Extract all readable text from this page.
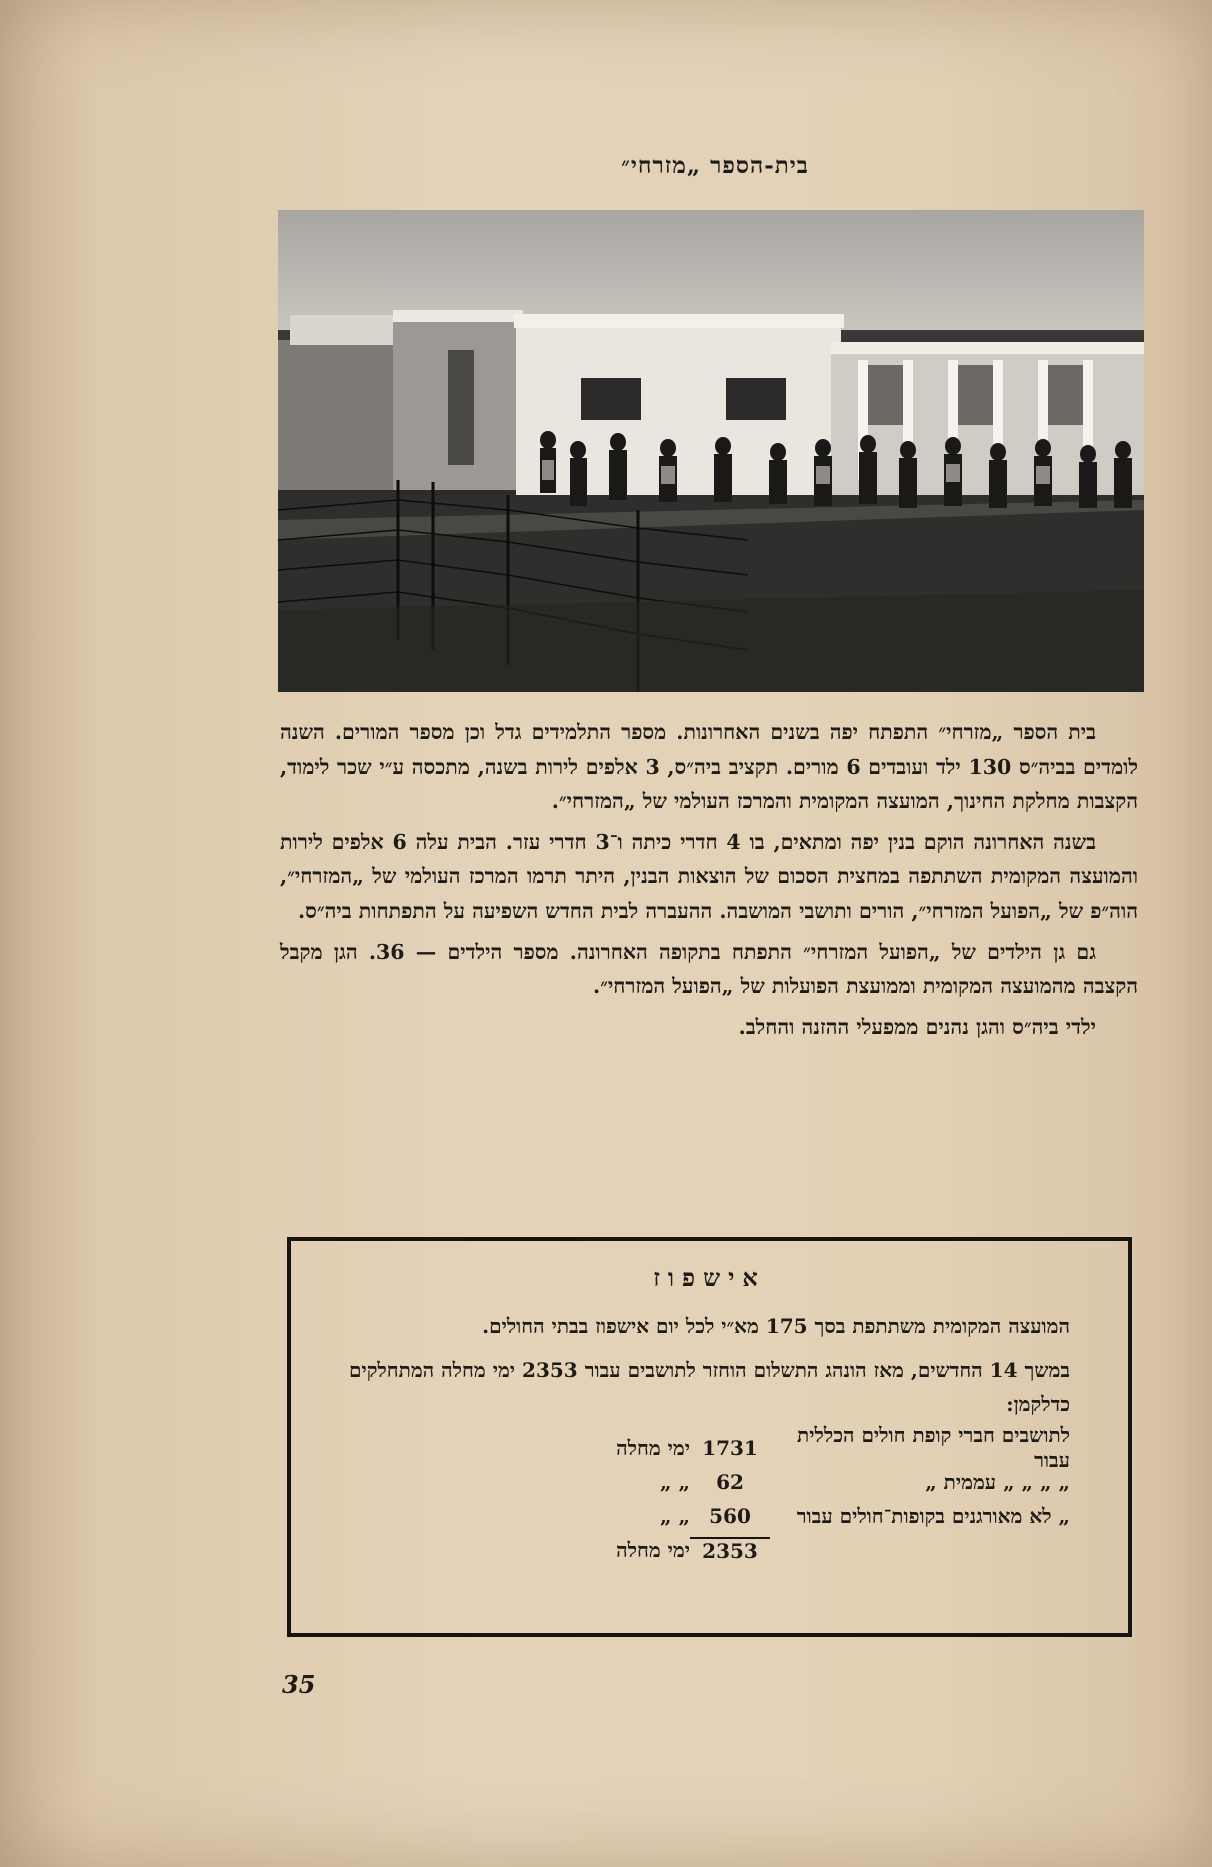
בית-הספר „מזרחי״

בית הספר „מזרחי״ התפתח יפה בשנים האחרונות. מספר התלמידים גדל וכן מספר המורים. השנה לומדים בביה״ס 130 ילד ועובדים 6 מורים. תקציב ביה״ס, 3 אלפים לירות בשנה, מתכסה ע״י שכר לימוד, הקצבות מחלקת החינוך, המועצה המקומית והמרכז העולמי של „המזרחי״.

בשנה האחרונה הוקם בנין יפה ומתאים, בו 4 חדרי כיתה ו־3 חדרי עזר. הבית עלה 6 אלפים לירות והמועצה המקומית השתתפה במחצית הסכום של הוצאות הבנין, היתר תרמו המרכז העולמי של „המזרחי״, הוה״פ של „הפועל המזרחי״, הורים ותושבי המושבה. ההעברה לבית החדש השפיעה על התפתחות ביה״ס.

גם גן הילדים של „הפועל המזרחי״ התפתח בתקופה האחרונה. מספר הילדים — 36. הגן מקבל הקצבה מהמועצה המקומית וממועצת הפועלות של „הפועל המזרחי״.

ילדי ביה״ס והגן נהנים ממפעלי ההזנה והחלב.

אישפוז

המועצה המקומית משתתפת בסך 175 מא״י לכל יום אישפוז בבתי החולים.

במשך 14 החדשים, מאז הונהג התשלום הוחזר לתושבים עבור 2353 ימי מחלה המתחלקים כדלקמן:

לתושבים חברי קופת חולים הכללית עבור
1731
ימי מחלה
„ „ „ „ עממית „
62
„ „
„ לא מאורגנים בקופות־חולים עבור
560
„ „
2353
ימי מחלה
35
